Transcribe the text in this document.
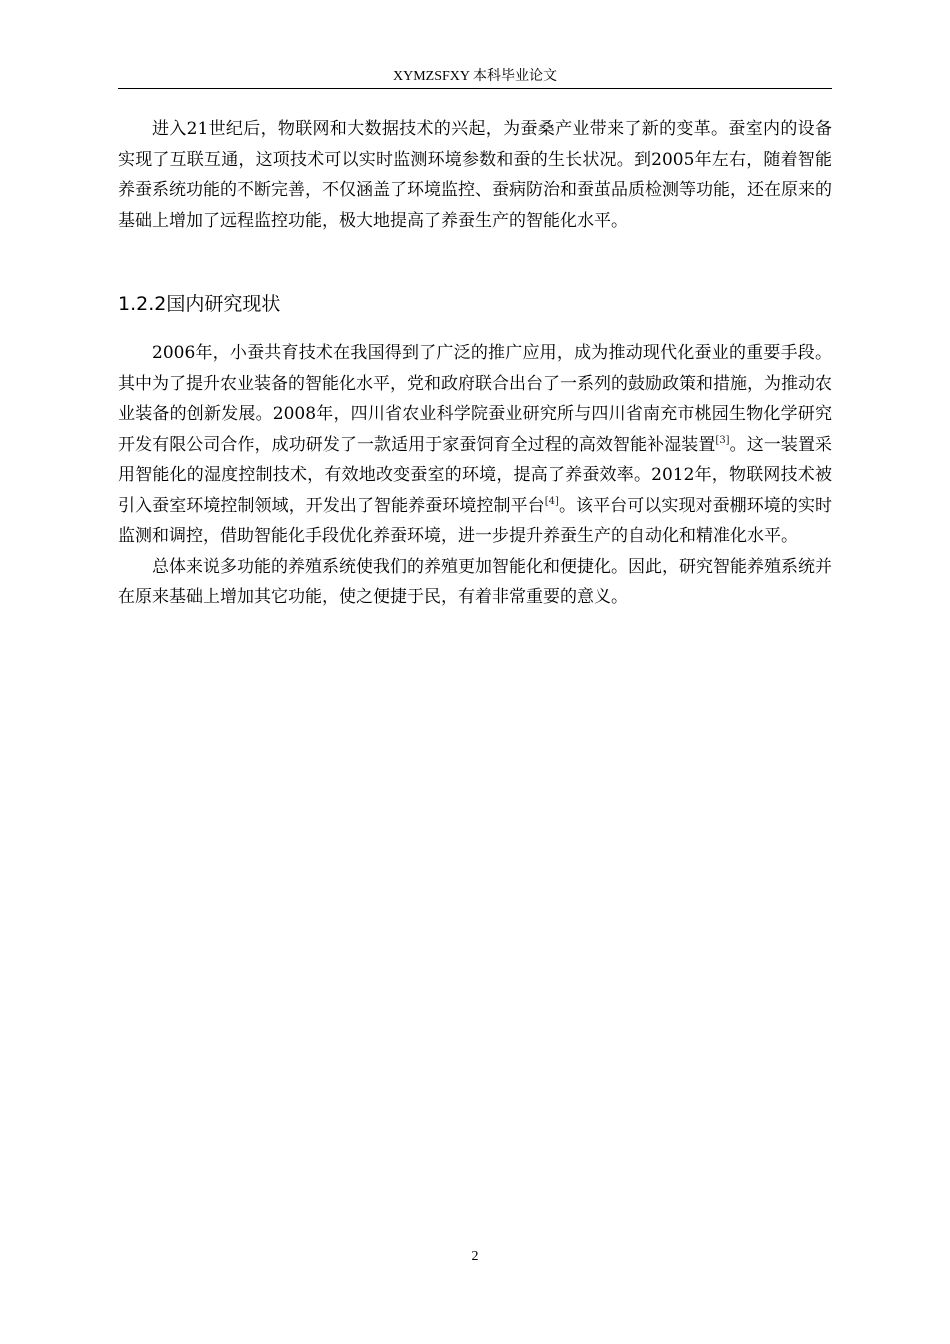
XYMZSFXY 本科毕业论文

进入21世纪后，物联网和大数据技术的兴起，为蚕桑产业带来了新的变革。蚕室内的设备实现了互联互通，这项技术可以实时监测环境参数和蚕的生长状况。到2005年左右，随着智能养蚕系统功能的不断完善，不仅涵盖了环境监控、蚕病防治和蚕茧品质检测等功能，还在原来的基础上增加了远程监控功能，极大地提高了养蚕生产的智能化水平。

1.2.2国内研究现状

2006年，小蚕共育技术在我国得到了广泛的推广应用，成为推动现代化蚕业的重要手段。其中为了提升农业装备的智能化水平，党和政府联合出台了一系列的鼓励政策和措施，为推动农业装备的创新发展。2008年，四川省农业科学院蚕业研究所与四川省南充市桃园生物化学研究开发有限公司合作，成功研发了一款适用于家蚕饲育全过程的高效智能补湿装置[3]。这一装置采用智能化的湿度控制技术，有效地改变蚕室的环境，提高了养蚕效率。2012年，物联网技术被引入蚕室环境控制领域，开发出了智能养蚕环境控制平台[4]。该平台可以实现对蚕棚环境的实时监测和调控，借助智能化手段优化养蚕环境，进一步提升养蚕生产的自动化和精准化水平。

总体来说多功能的养殖系统使我们的养殖更加智能化和便捷化。因此，研究智能养殖系统并在原来基础上增加其它功能，使之便捷于民，有着非常重要的意义。

2
